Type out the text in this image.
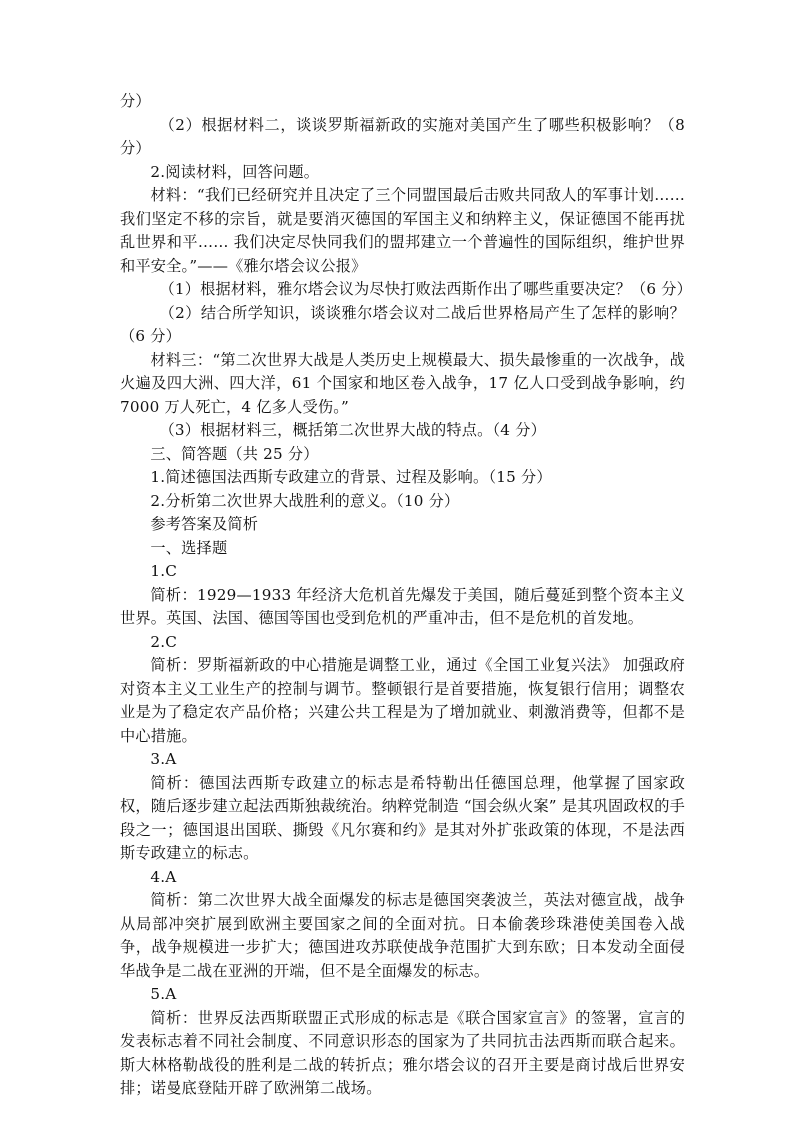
分）

（2）根据材料二，谈谈罗斯福新政的实施对美国产生了哪些积极影响？（8 分）

2.阅读材料，回答问题。

材料：“我们已经研究并且决定了三个同盟国最后击败共同敌人的军事计划…… 我们坚定不移的宗旨，就是要消灭德国的军国主义和纳粹主义，保证德国不能再扰乱世界和平…… 我们决定尽快同我们的盟邦建立一个普遍性的国际组织，维护世界和平安全。”——《雅尔塔会议公报》

（1）根据材料，雅尔塔会议为尽快打败法西斯作出了哪些重要决定？（6 分）

（2）结合所学知识，谈谈雅尔塔会议对二战后世界格局产生了怎样的影响？（6 分）

材料三：“第二次世界大战是人类历史上规模最大、损失最惨重的一次战争，战火遍及四大洲、四大洋，61 个国家和地区卷入战争，17 亿人口受到战争影响，约 7000 万人死亡，4 亿多人受伤。”

（3）根据材料三，概括第二次世界大战的特点。（4 分）

三、简答题（共 25 分）

1.简述德国法西斯专政建立的背景、过程及影响。（15 分）

2.分析第二次世界大战胜利的意义。（10 分）

参考答案及简析

一、选择题

1.C

简析：1929—1933 年经济大危机首先爆发于美国，随后蔓延到整个资本主义世界。英国、法国、德国等国也受到危机的严重冲击，但不是危机的首发地。

2.C

简析：罗斯福新政的中心措施是调整工业，通过《全国工业复兴法》 加强政府对资本主义工业生产的控制与调节。整顿银行是首要措施，恢复银行信用；调整农业是为了稳定农产品价格；兴建公共工程是为了增加就业、刺激消费等，但都不是中心措施。

3.A

简析：德国法西斯专政建立的标志是希特勒出任德国总理，他掌握了国家政权，随后逐步建立起法西斯独裁统治。纳粹党制造 “国会纵火案” 是其巩固政权的手段之一；德国退出国联、撕毁《凡尔赛和约》是其对外扩张政策的体现，不是法西斯专政建立的标志。

4.A

简析：第二次世界大战全面爆发的标志是德国突袭波兰，英法对德宣战，战争从局部冲突扩展到欧洲主要国家之间的全面对抗。日本偷袭珍珠港使美国卷入战争，战争规模进一步扩大；德国进攻苏联使战争范围扩大到东欧；日本发动全面侵华战争是二战在亚洲的开端，但不是全面爆发的标志。

5.A

简析：世界反法西斯联盟正式形成的标志是《联合国家宣言》的签署，宣言的发表标志着不同社会制度、不同意识形态的国家为了共同抗击法西斯而联合起来。斯大林格勒战役的胜利是二战的转折点；雅尔塔会议的召开主要是商讨战后世界安排；诺曼底登陆开辟了欧洲第二战场。
